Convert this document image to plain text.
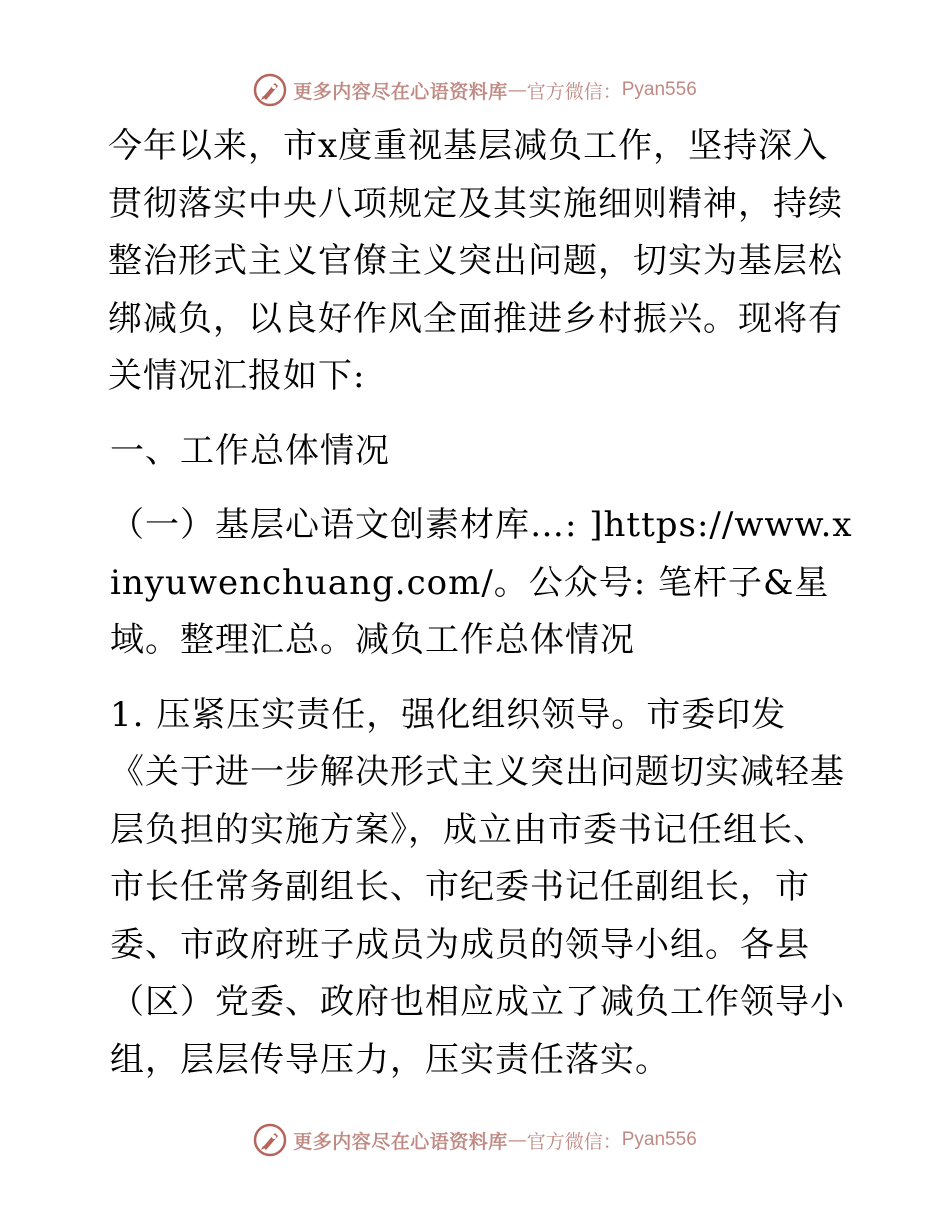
更多内容尽在心语资料库 — 官方微信： Pyan556

今年以来，市x度重视基层减负工作，坚持深入贯彻落实中央八项规定及其实施细则精神，持续整治形式主义官僚主义突出问题，切实为基层松绑减负，以良好作风全面推进乡村振兴。现将有关情况汇报如下:

一、工作总体情况

（一）基层心语文创素材库…: ]https://www.xinyuwenchuang.com/。公众号: 笔杆子&星域。整理汇总。减负工作总体情况

1. 压紧压实责任，强化组织领导。市委印发《关于进一步解决形式主义突出问题切实减轻基层负担的实施方案》，成立由市委书记任组长、市长任常务副组长、市纪委书记任副组长，市委、市政府班子成员为成员的领导小组。各县（区）党委、政府也相应成立了减负工作领导小组，层层传导压力，压实责任落实。

更多内容尽在心语资料库 — 官方微信： Pyan556
